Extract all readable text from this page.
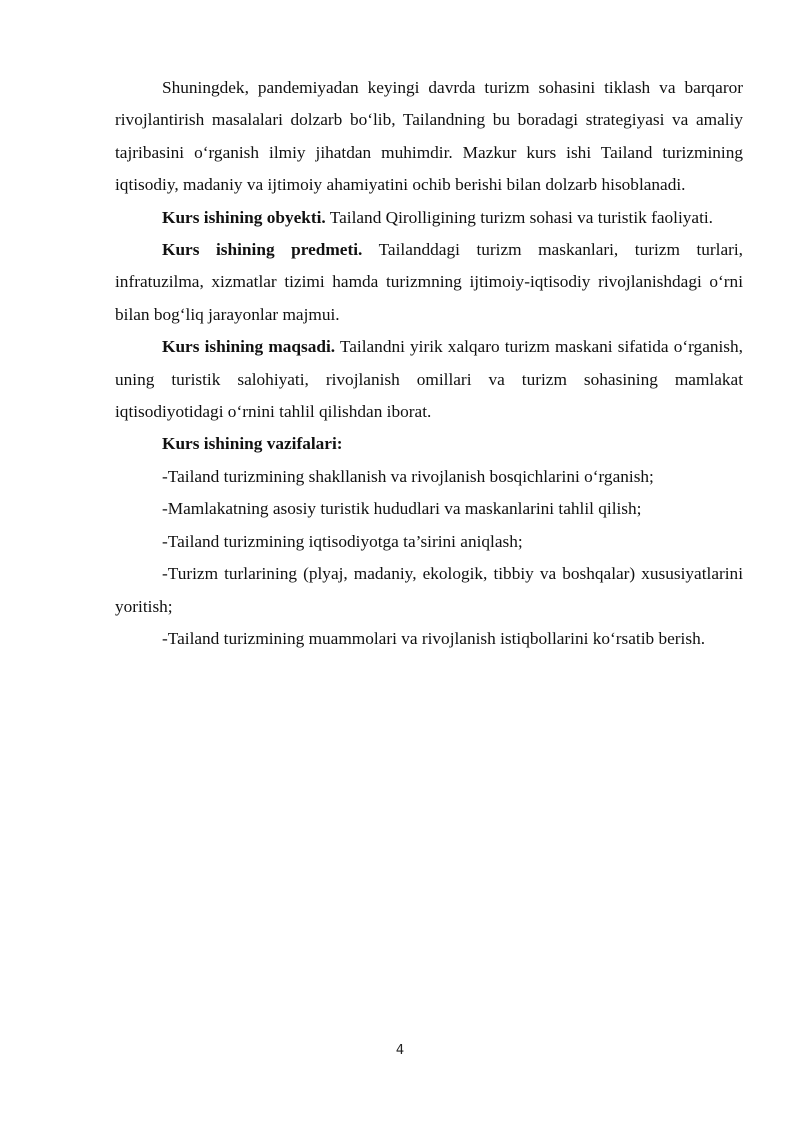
Shuningdek, pandemiyadan keyingi davrda turizm sohasini tiklash va barqaror rivojlantirish masalalari dolzarb bo‘lib, Tailandning bu boradagi strategiyasi va amaliy tajribasini o‘rganish ilmiy jihatdan muhimdir. Mazkur kurs ishi Tailand turizmining iqtisodiy, madaniy va ijtimoiy ahamiyatini ochib berishi bilan dolzarb hisoblanadi.

Kurs ishining obyekti. Tailand Qirolligining turizm sohasi va turistik faoliyati.

Kurs ishining predmeti. Tailanddagi turizm maskanlari, turizm turlari, infratuzilma, xizmatlar tizimi hamda turizmning ijtimoiy-iqtisodiy rivojlanishdagi o‘rni bilan bog‘liq jarayonlar majmui.

Kurs ishining maqsadi. Tailandni yirik xalqaro turizm maskani sifatida o‘rganish, uning turistik salohiyati, rivojlanish omillari va turizm sohasining mamlakat iqtisodiyotidagi o‘rnini tahlil qilishdan iborat.

Kurs ishining vazifalari:

-Tailand turizmining shakllanish va rivojlanish bosqichlarini o‘rganish;

-Mamlakatning asosiy turistik hududlari va maskanlarini tahlil qilish;

-Tailand turizmining iqtisodiyotga ta’sirini aniqlash;

-Turizm turlarining (plyaj, madaniy, ekologik, tibbiy va boshqalar) xususiyatlarini yoritish;

-Tailand turizmining muammolari va rivojlanish istiqbollarini ko‘rsatib berish.

4
